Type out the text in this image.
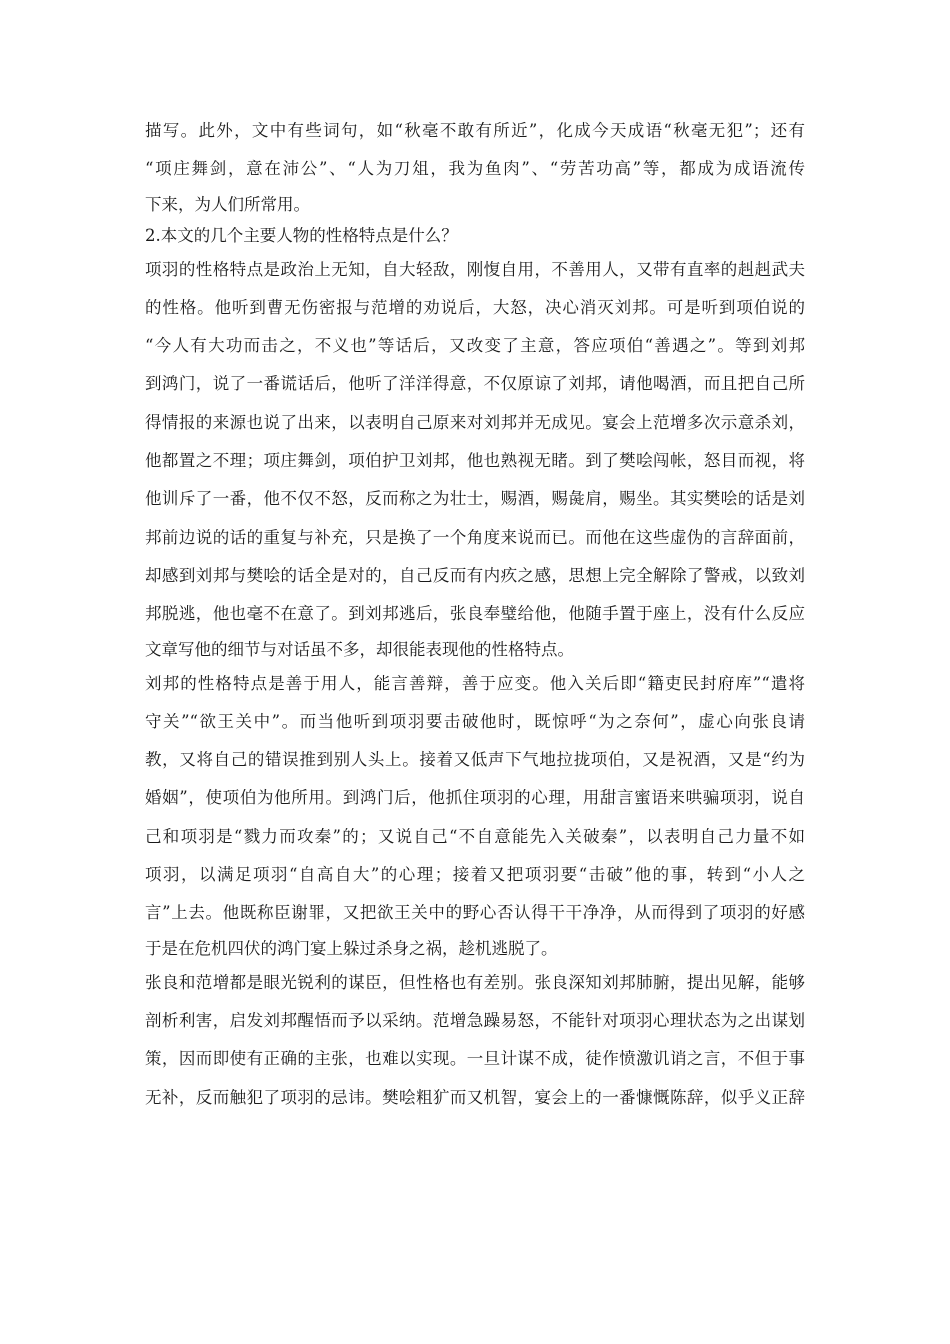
描写。此外，文中有些词句，如“秋毫不敢有所近”，化成今天成语“秋毫无犯”；还有
“项庄舞剑，意在沛公”、“人为刀俎，我为鱼肉”、“劳苦功高”等，都成为成语流传
下来，为人们所常用。
2.本文的几个主要人物的性格特点是什么？
项羽的性格特点是政治上无知，自大轻敌，刚愎自用，不善用人，又带有直率的赳赳武夫
的性格。他听到曹无伤密报与范增的劝说后，大怒，决心消灭刘邦。可是听到项伯说的
“今人有大功而击之，不义也”等话后，又改变了主意，答应项伯“善遇之”。等到刘邦
到鸿门，说了一番谎话后，他听了洋洋得意，不仅原谅了刘邦，请他喝酒，而且把自己所
得情报的来源也说了出来，以表明自己原来对刘邦并无成见。宴会上范增多次示意杀刘，
他都置之不理；项庄舞剑，项伯护卫刘邦，他也熟视无睹。到了樊哙闯帐，怒目而视，将
他训斥了一番，他不仅不怒，反而称之为壮士，赐酒，赐彘肩，赐坐。其实樊哙的话是刘
邦前边说的话的重复与补充，只是换了一个角度来说而已。而他在这些虚伪的言辞面前，
却感到刘邦与樊哙的话全是对的，自己反而有内疚之感，思想上完全解除了警戒，以致刘
邦脱逃，他也毫不在意了。到刘邦逃后，张良奉璧给他，他随手置于座上，没有什么反应
文章写他的细节与对话虽不多，却很能表现他的性格特点。
刘邦的性格特点是善于用人，能言善辩，善于应变。他入关后即“籍吏民封府库”“遣将
守关”“欲王关中”。而当他听到项羽要击破他时，既惊呼“为之奈何”，虚心向张良请
教，又将自己的错误推到别人头上。接着又低声下气地拉拢项伯，又是祝酒，又是“约为
婚姻”，使项伯为他所用。到鸿门后，他抓住项羽的心理，用甜言蜜语来哄骗项羽，说自
己和项羽是“戮力而攻秦”的；又说自己“不自意能先入关破秦”，以表明自己力量不如
项羽，以满足项羽“自高自大”的心理；接着又把项羽要“击破”他的事，转到“小人之
言”上去。他既称臣谢罪，又把欲王关中的野心否认得干干净净，从而得到了项羽的好感
于是在危机四伏的鸿门宴上躲过杀身之祸，趁机逃脱了。
张良和范增都是眼光锐利的谋臣，但性格也有差别。张良深知刘邦肺腑，提出见解，能够
剖析利害，启发刘邦醒悟而予以采纳。范增急躁易怒，不能针对项羽心理状态为之出谋划
策，因而即使有正确的主张，也难以实现。一旦计谋不成，徒作愤激讥诮之言，不但于事
无补，反而触犯了项羽的忌讳。樊哙粗犷而又机智，宴会上的一番慷慨陈辞，似乎义正辞
